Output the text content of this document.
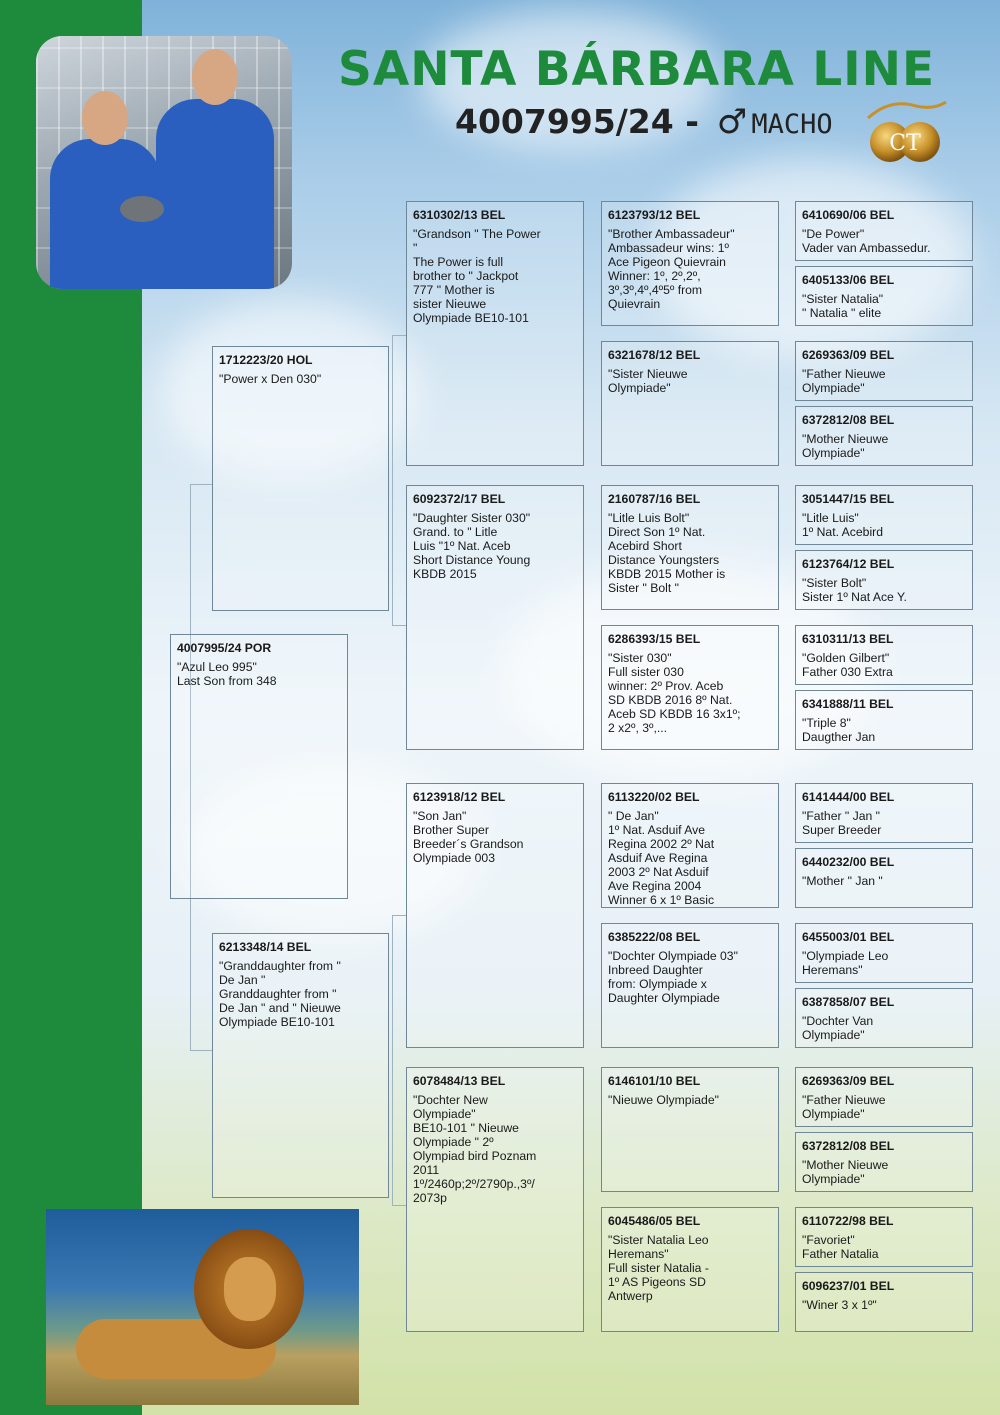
SANTA BÁRBARA LINE
4007995/24 - ♂ MACHO
CT
4007995/24 POR
"Azul Leo 995"
Last Son from 348
1712223/20 HOL
"Power x Den 030"
6213348/14 BEL
"Granddaughter from "
De Jan "
Granddaughter from "
De Jan " and " Nieuwe
Olympiade BE10-101
6310302/13 BEL
"Grandson " The Power
"
The Power is full
brother to " Jackpot
777 " Mother is
sister Nieuwe
Olympiade BE10-101
6092372/17 BEL
"Daughter Sister 030"
Grand. to " Litle
Luis "1º Nat. Aceb
Short Distance Young
KBDB 2015
6123918/12 BEL
"Son Jan"
Brother Super
Breeder´s Grandson
Olympiade 003
6078484/13 BEL
"Dochter New
Olympiade"
BE10-101 " Nieuwe
Olympiade " 2º
Olympiad bird Poznam
2011
1º/2460p;2º/2790p.,3º/
2073p
6123793/12 BEL
"Brother Ambassadeur"
Ambassadeur wins: 1º
Ace Pigeon Quievrain
Winner: 1º, 2º,2º,
3º,3º,4º,4º5º from
Quievrain
6321678/12 BEL
"Sister Nieuwe
Olympiade"
2160787/16 BEL
"Litle Luis Bolt"
Direct Son 1º Nat.
Acebird Short
Distance Youngsters
KBDB 2015 Mother is
Sister " Bolt "
6286393/15 BEL
"Sister 030"
Full sister 030
winner: 2º Prov. Aceb
SD KBDB 2016 8º Nat.
Aceb SD KBDB 16 3x1º;
2 x2º, 3º,...
6113220/02 BEL
" De Jan"
1º Nat. Asduif Ave
Regina 2002 2º Nat
Asduif Ave Regina
2003 2º Nat Asduif
Ave Regina 2004
Winner 6 x 1º Basic
6385222/08 BEL
"Dochter Olympiade 03"
Inbreed Daughter
from: Olympiade x
Daughter Olympiade
6146101/10 BEL
"Nieuwe Olympiade"
6045486/05 BEL
"Sister Natalia Leo
Heremans"
Full sister Natalia -
1º AS Pigeons SD
Antwerp
6410690/06 BEL
"De Power"
Vader van Ambassedur.
6405133/06 BEL
"Sister Natalia"
" Natalia " elite
6269363/09 BEL
"Father Nieuwe
Olympiade"
6372812/08 BEL
"Mother Nieuwe
Olympiade"
3051447/15 BEL
"Litle Luis"
1º Nat. Acebird
6123764/12 BEL
"Sister Bolt"
Sister 1º Nat Ace Y.
6310311/13 BEL
"Golden Gilbert"
Father 030 Extra
6341888/11 BEL
"Triple 8"
Daugther Jan
6141444/00 BEL
"Father " Jan "
Super Breeder
6440232/00 BEL
"Mother " Jan "
6455003/01 BEL
"Olympiade Leo
Heremans"
6387858/07 BEL
"Dochter Van
Olympiade"
6269363/09 BEL
"Father Nieuwe
Olympiade"
6372812/08 BEL
"Mother Nieuwe
Olympiade"
6110722/98 BEL
"Favoriet"
Father Natalia
6096237/01 BEL
"Winer 3 x 1º"
